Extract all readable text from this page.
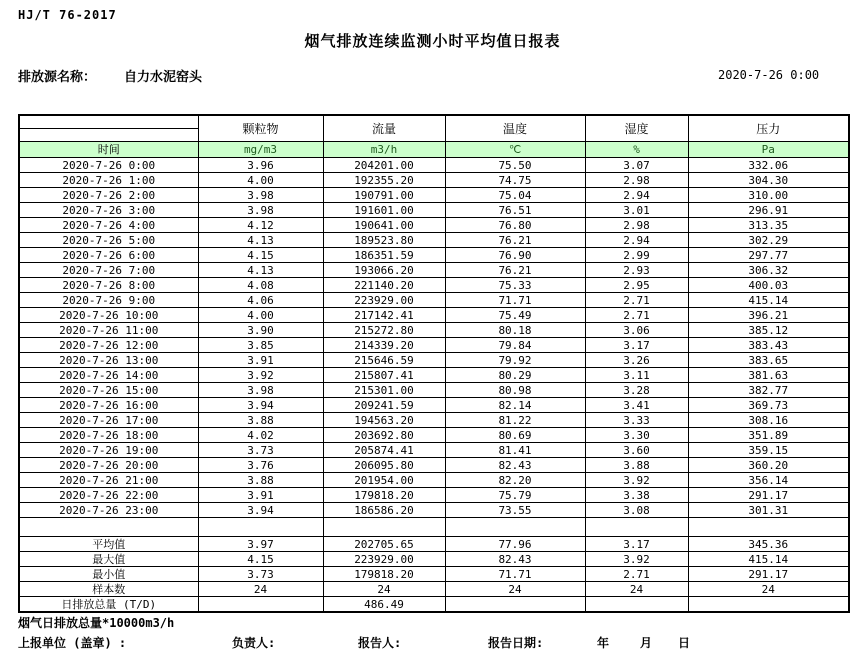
HJ/T 76-2017
烟气排放连续监测小时平均值日报表
排放源名称： 自力水泥窑头	2020-7-26 0:00
	颗粒物	流量	温度	湿度	压力

时间	mg/m3	m3/h	℃	%	Pa
2020-7-26 0:00	3.96	204201.00	75.50	3.07	332.06
2020-7-26 1:00	4.00	192355.20	74.75	2.98	304.30
2020-7-26 2:00	3.98	190791.00	75.04	2.94	310.00
2020-7-26 3:00	3.98	191601.00	76.51	3.01	296.91
2020-7-26 4:00	4.12	190641.00	76.80	2.98	313.35
2020-7-26 5:00	4.13	189523.80	76.21	2.94	302.29
2020-7-26 6:00	4.15	186351.59	76.90	2.99	297.77
2020-7-26 7:00	4.13	193066.20	76.21	2.93	306.32
2020-7-26 8:00	4.08	221140.20	75.33	2.95	400.03
2020-7-26 9:00	4.06	223929.00	71.71	2.71	415.14
2020-7-26 10:00	4.00	217142.41	75.49	2.71	396.21
2020-7-26 11:00	3.90	215272.80	80.18	3.06	385.12
2020-7-26 12:00	3.85	214339.20	79.84	3.17	383.43
2020-7-26 13:00	3.91	215646.59	79.92	3.26	383.65
2020-7-26 14:00	3.92	215807.41	80.29	3.11	381.63
2020-7-26 15:00	3.98	215301.00	80.98	3.28	382.77
2020-7-26 16:00	3.94	209241.59	82.14	3.41	369.73
2020-7-26 17:00	3.88	194563.20	81.22	3.33	308.16
2020-7-26 18:00	4.02	203692.80	80.69	3.30	351.89
2020-7-26 19:00	3.73	205874.41	81.41	3.60	359.15
2020-7-26 20:00	3.76	206095.80	82.43	3.88	360.20
2020-7-26 21:00	3.88	201954.00	82.20	3.92	356.14
2020-7-26 22:00	3.91	179818.20	75.79	3.38	291.17
2020-7-26 23:00	3.94	186586.20	73.55	3.08	301.31

平均值	3.97	202705.65	77.96	3.17	345.36
最大值	4.15	223929.00	82.43	3.92	415.14
最小值	3.73	179818.20	71.71	2.71	291.17
样本数	24	24	24	24	24
日排放总量 (T/D)		486.49			
烟气日排放总量*10000m3/h
上报单位 (盖章) :	负责人:	报告人:	报告日期:	年	月 日
